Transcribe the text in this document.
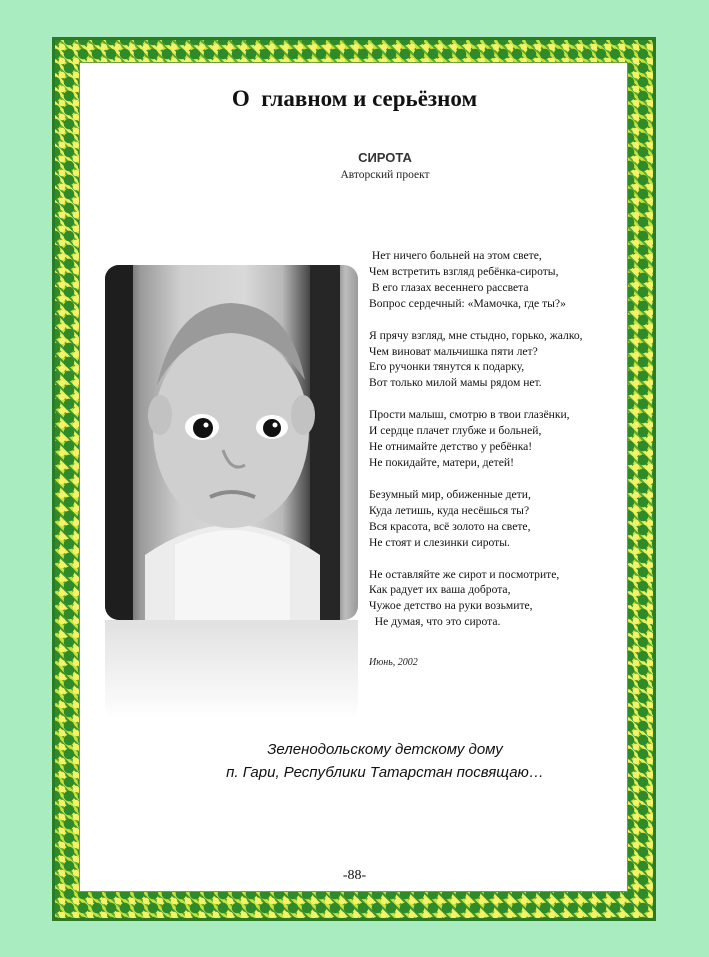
О  главном и серьёзном
СИРОТА
Авторский проект

Нет ничего больней на этом свете,
Чем встретить взгляд ребёнка-сироты,
В его глазах весеннего рассвета
Вопрос сердечный: «Мамочка, где ты?»

Я прячу взгляд, мне стыдно, горько, жалко,
Чем виноват мальчишка пяти лет?
Его ручонки тянутся к подарку,
Вот только милой мамы рядом нет.

Прости малыш, смотрю в твои глазёнки,
И сердце плачет глубже и больней,
Не отнимайте детство у ребёнка!
Не покидайте, матери, детей!

Безумный мир, обиженные дети,
Куда летишь, куда несёшься ты?
Вся красота, всё золото на свете,
Не стоят и слезинки сироты.

Не оставляйте же сирот и посмотрите,
Как радует их ваша доброта,
Чужое детство на руки возьмите,
Не думая, что это сирота.

Июнь, 2002
Зеленодольскому детскому дому
п. Гари, Республики Татарстан посвящаю…
-88-
